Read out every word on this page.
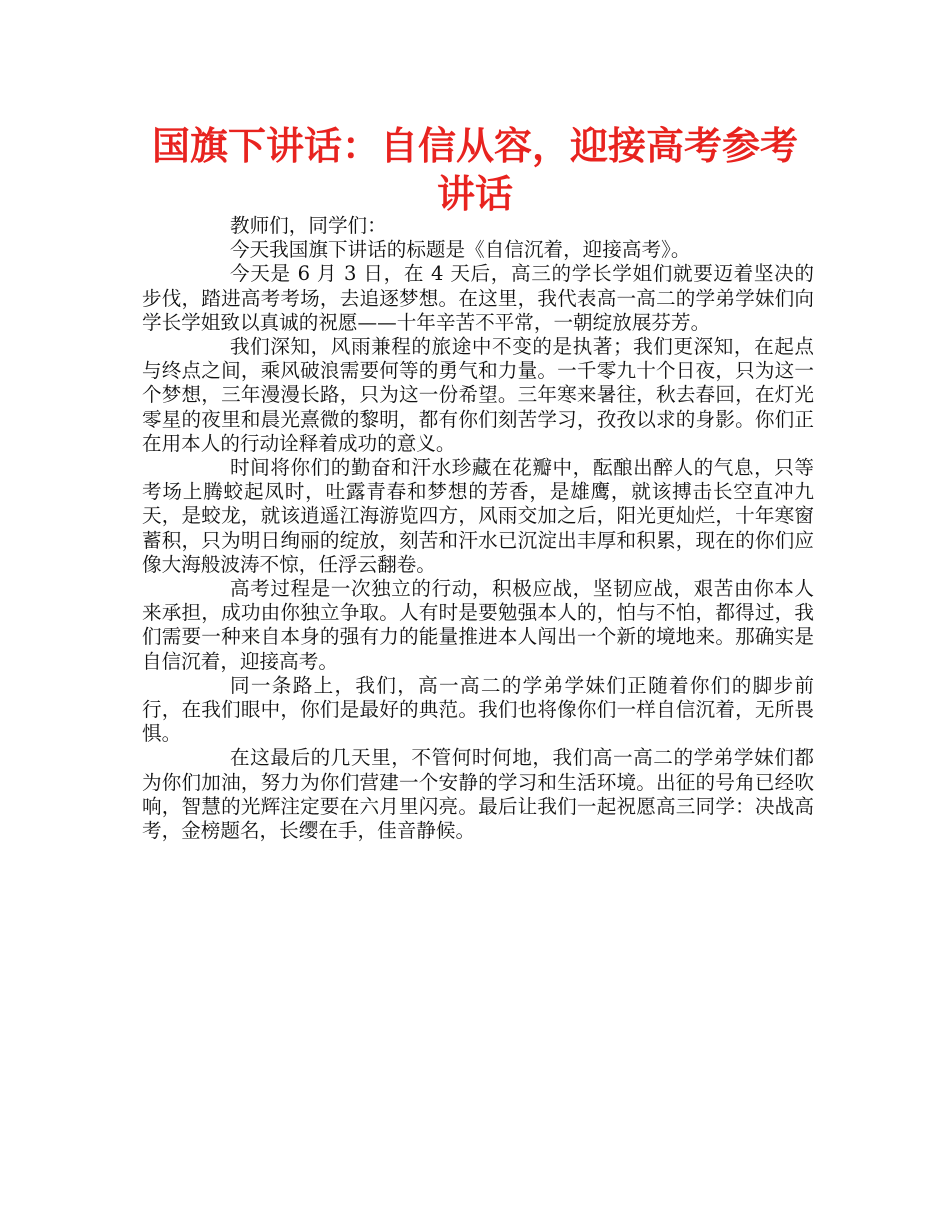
国旗下讲话：自信从容，迎接高考参考讲话

教师们，同学们：

今天我国旗下讲话的标题是《自信沉着，迎接高考》。

今天是 6 月 3 日，在 4 天后，高三的学长学姐们就要迈着坚决的步伐，踏进高考考场，去追逐梦想。在这里，我代表高一高二的学弟学妹们向学长学姐致以真诚的祝愿——十年辛苦不平常，一朝绽放展芬芳。

我们深知，风雨兼程的旅途中不变的是执著；我们更深知，在起点与终点之间，乘风破浪需要何等的勇气和力量。一千零九十个日夜，只为这一个梦想，三年漫漫长路，只为这一份希望。三年寒来暑往，秋去春回，在灯光零星的夜里和晨光熹微的黎明，都有你们刻苦学习，孜孜以求的身影。你们正在用本人的行动诠释着成功的意义。

时间将你们的勤奋和汗水珍藏在花瓣中，酝酿出醉人的气息，只等考场上腾蛟起凤时，吐露青春和梦想的芳香，是雄鹰，就该搏击长空直冲九天，是蛟龙，就该逍遥江海游览四方，风雨交加之后，阳光更灿烂，十年寒窗蓄积，只为明日绚丽的绽放，刻苦和汗水已沉淀出丰厚和积累，现在的你们应像大海般波涛不惊，任浮云翻卷。

高考过程是一次独立的行动，积极应战，坚韧应战，艰苦由你本人来承担，成功由你独立争取。人有时是要勉强本人的，怕与不怕，都得过，我们需要一种来自本身的强有力的能量推进本人闯出一个新的境地来。那确实是自信沉着，迎接高考。

同一条路上，我们，高一高二的学弟学妹们正随着你们的脚步前行，在我们眼中，你们是最好的典范。我们也将像你们一样自信沉着，无所畏惧。

在这最后的几天里，不管何时何地，我们高一高二的学弟学妹们都为你们加油，努力为你们营建一个安静的学习和生活环境。出征的号角已经吹响，智慧的光辉注定要在六月里闪亮。最后让我们一起祝愿高三同学：决战高考，金榜题名，长缨在手，佳音静候。
